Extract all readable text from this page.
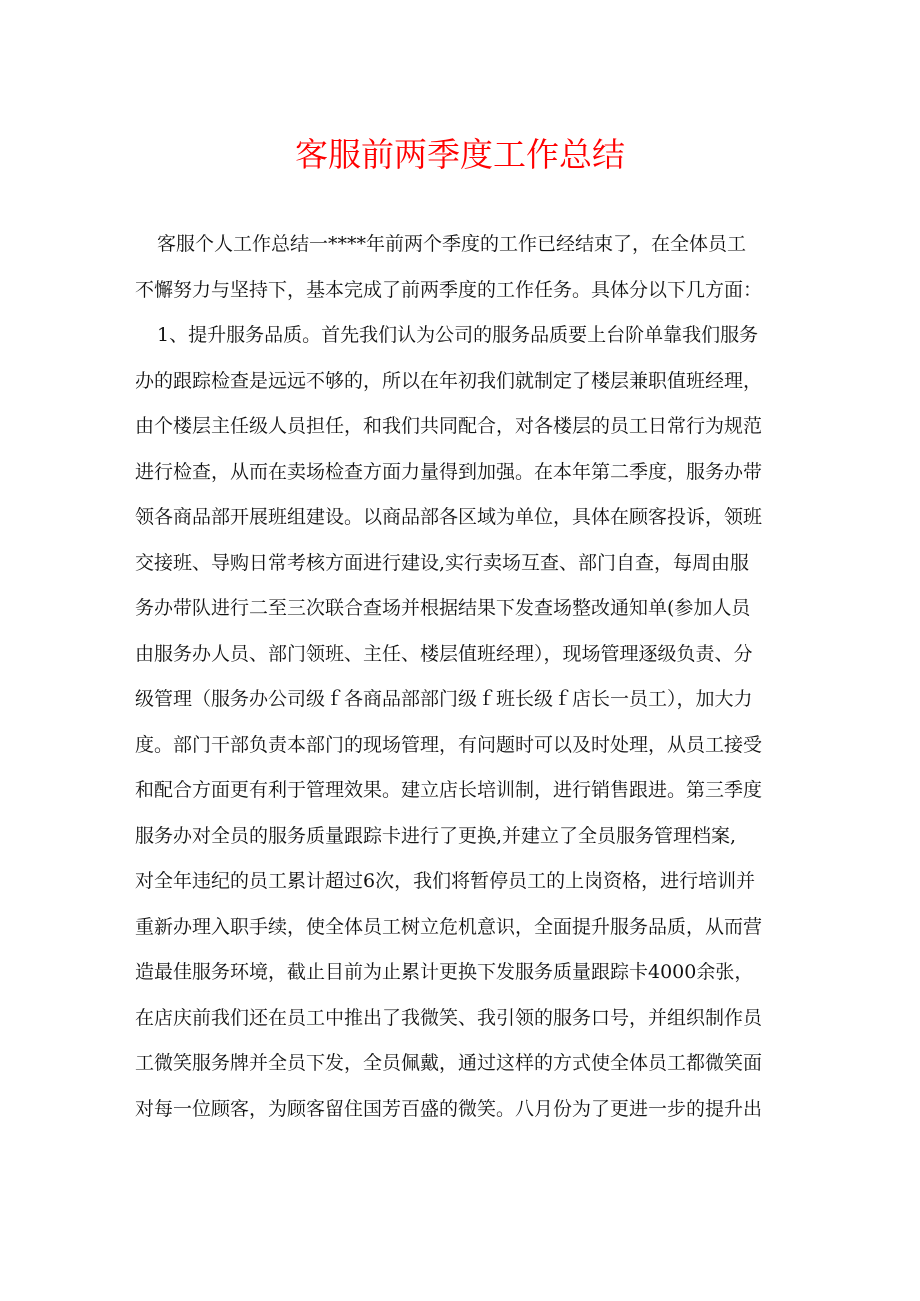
客服前两季度工作总结
客服个人工作总结一****年前两个季度的工作已经结束了，在全体员工
不懈努力与坚持下，基本完成了前两季度的工作任务。具体分以下几方面：
1、提升服务品质。首先我们认为公司的服务品质要上台阶单靠我们服务
办的跟踪检查是远远不够的，所以在年初我们就制定了楼层兼职值班经理，
由个楼层主任级人员担任，和我们共同配合，对各楼层的员工日常行为规范
进行检查，从而在卖场检查方面力量得到加强。在本年第二季度，服务办带
领各商品部开展班组建设。以商品部各区域为单位，具体在顾客投诉，领班
交接班、导购日常考核方面进行建设,实行卖场互查、部门自查，每周由服
务办带队进行二至三次联合查场并根据结果下发查场整改通知单(参加人员
由服务办人员、部门领班、主任、楼层值班经理），现场管理逐级负责、分
级管理（服务办公司级ｆ各商品部部门级ｆ班长级ｆ店长一员工），加大力
度。部门干部负责本部门的现场管理，有问题时可以及时处理，从员工接受
和配合方面更有利于管理效果。建立店长培训制，进行销售跟进。第三季度
服务办对全员的服务质量跟踪卡进行了更换,并建立了全员服务管理档案,
对全年违纪的员工累计超过6次，我们将暂停员工的上岗资格，进行培训并
重新办理入职手续，使全体员工树立危机意识，全面提升服务品质，从而营
造最佳服务环境，截止目前为止累计更换下发服务质量跟踪卡4000余张，
在店庆前我们还在员工中推出了我微笑、我引领的服务口号，并组织制作员
工微笑服务牌并全员下发，全员佩戴，通过这样的方式使全体员工都微笑面
对每一位顾客，为顾客留住国芳百盛的微笑。八月份为了更进一步的提升出
